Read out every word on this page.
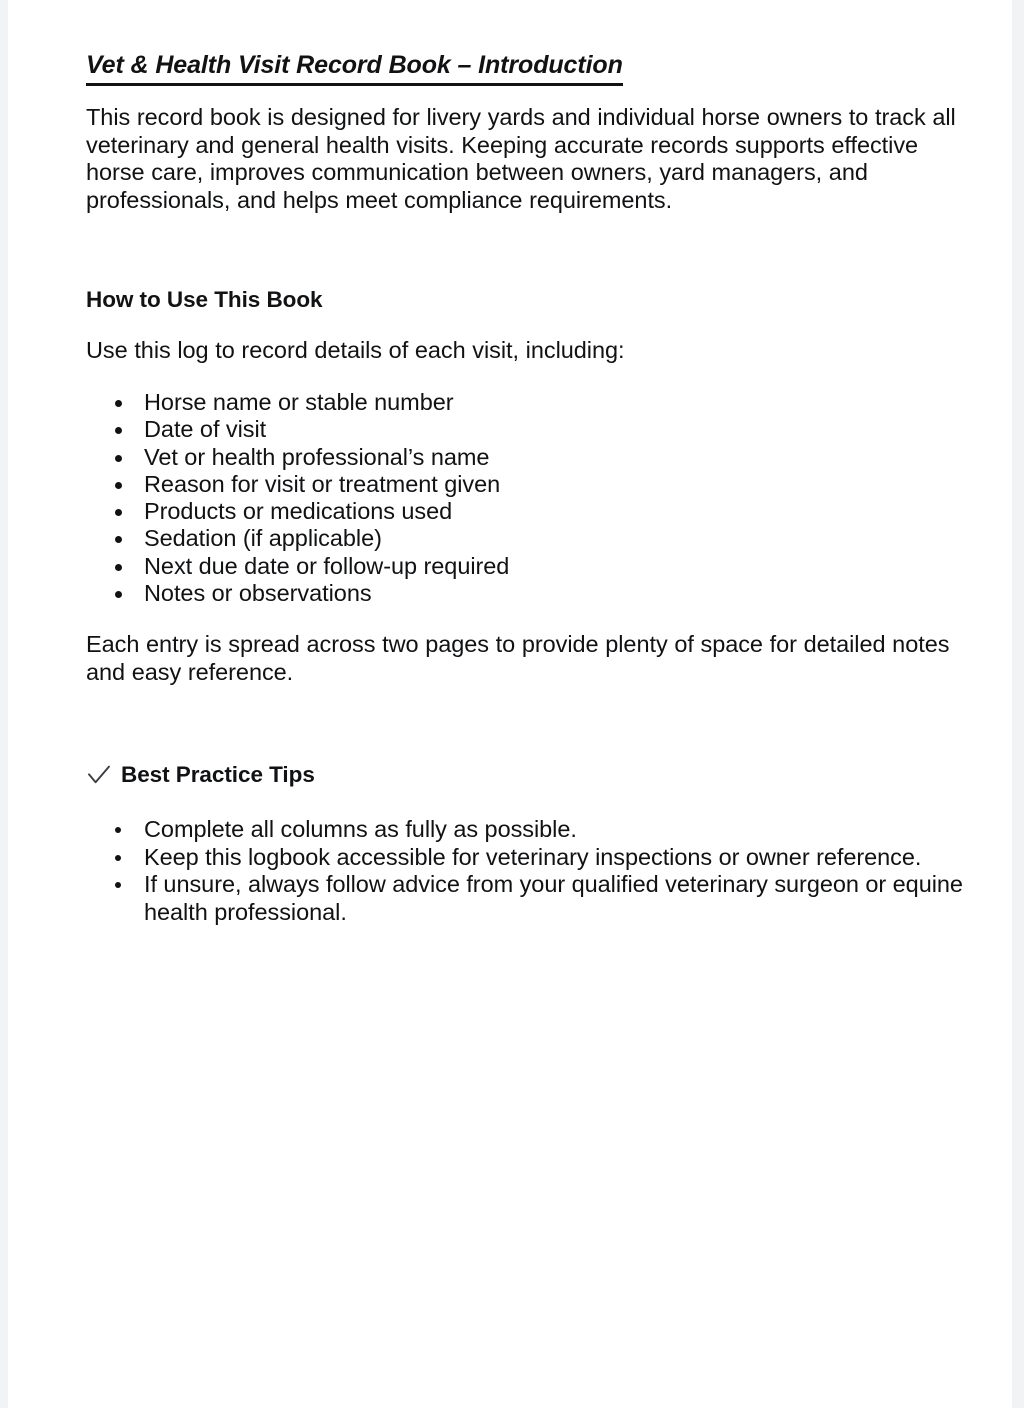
Vet & Health Visit Record Book – Introduction

This record book is designed for livery yards and individual horse owners to track all veterinary and general health visits. Keeping accurate records supports effective horse care, improves communication between owners, yard managers, and professionals, and helps meet compliance requirements.

How to Use This Book

Use this log to record details of each visit, including:

Horse name or stable number
Date of visit
Vet or health professional’s name
Reason for visit or treatment given
Products or medications used
Sedation (if applicable)
Next due date or follow-up required
Notes or observations

Each entry is spread across two pages to provide plenty of space for detailed notes and easy reference.

Best Practice Tips
Complete all columns as fully as possible.
Keep this logbook accessible for veterinary inspections or owner reference.
If unsure, always follow advice from your qualified veterinary surgeon or equine health professional.
